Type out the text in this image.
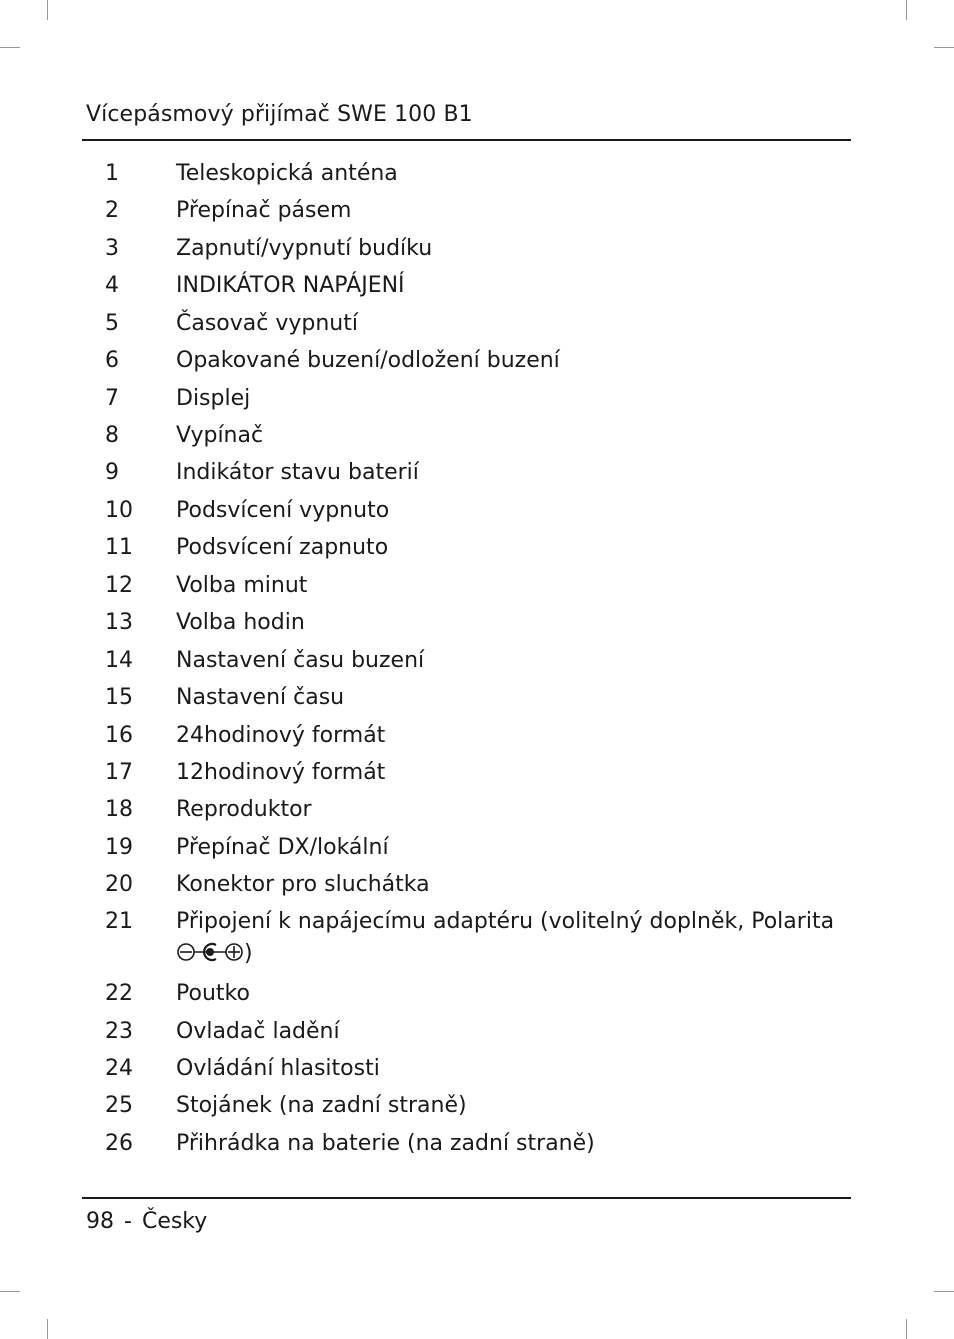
Vícepásmový přijímač SWE 100 B1
1	Teleskopická anténa
2	Přepínač pásem
3	Zapnutí/vypnutí budíku
4	INDIKÁTOR NAPÁJENÍ
5	Časovač vypnutí
6	Opakované buzení/odložení buzení
7	Displej
8	Vypínač
9	Indikátor stavu baterií
10 Podsvícení vypnuto
11 Podsvícení zapnuto
12 Volba minut
13 Volba hodin
14 Nastavení času buzení
15 Nastavení času
16 24hodinový formát
17 12hodinový formát
18 Reproduktor
19 Přepínač DX/lokální
20 Konektor pro sluchátka
21 Připojení k napájecímu adaptéru (volitelný doplněk, Polarita
)
22 Poutko
23 Ovladač ladění
24 Ovládání hlasitosti
25 Stojánek (na zadní straně)
26 Přihrádka na baterie (na zadní straně)
98 - Česky
